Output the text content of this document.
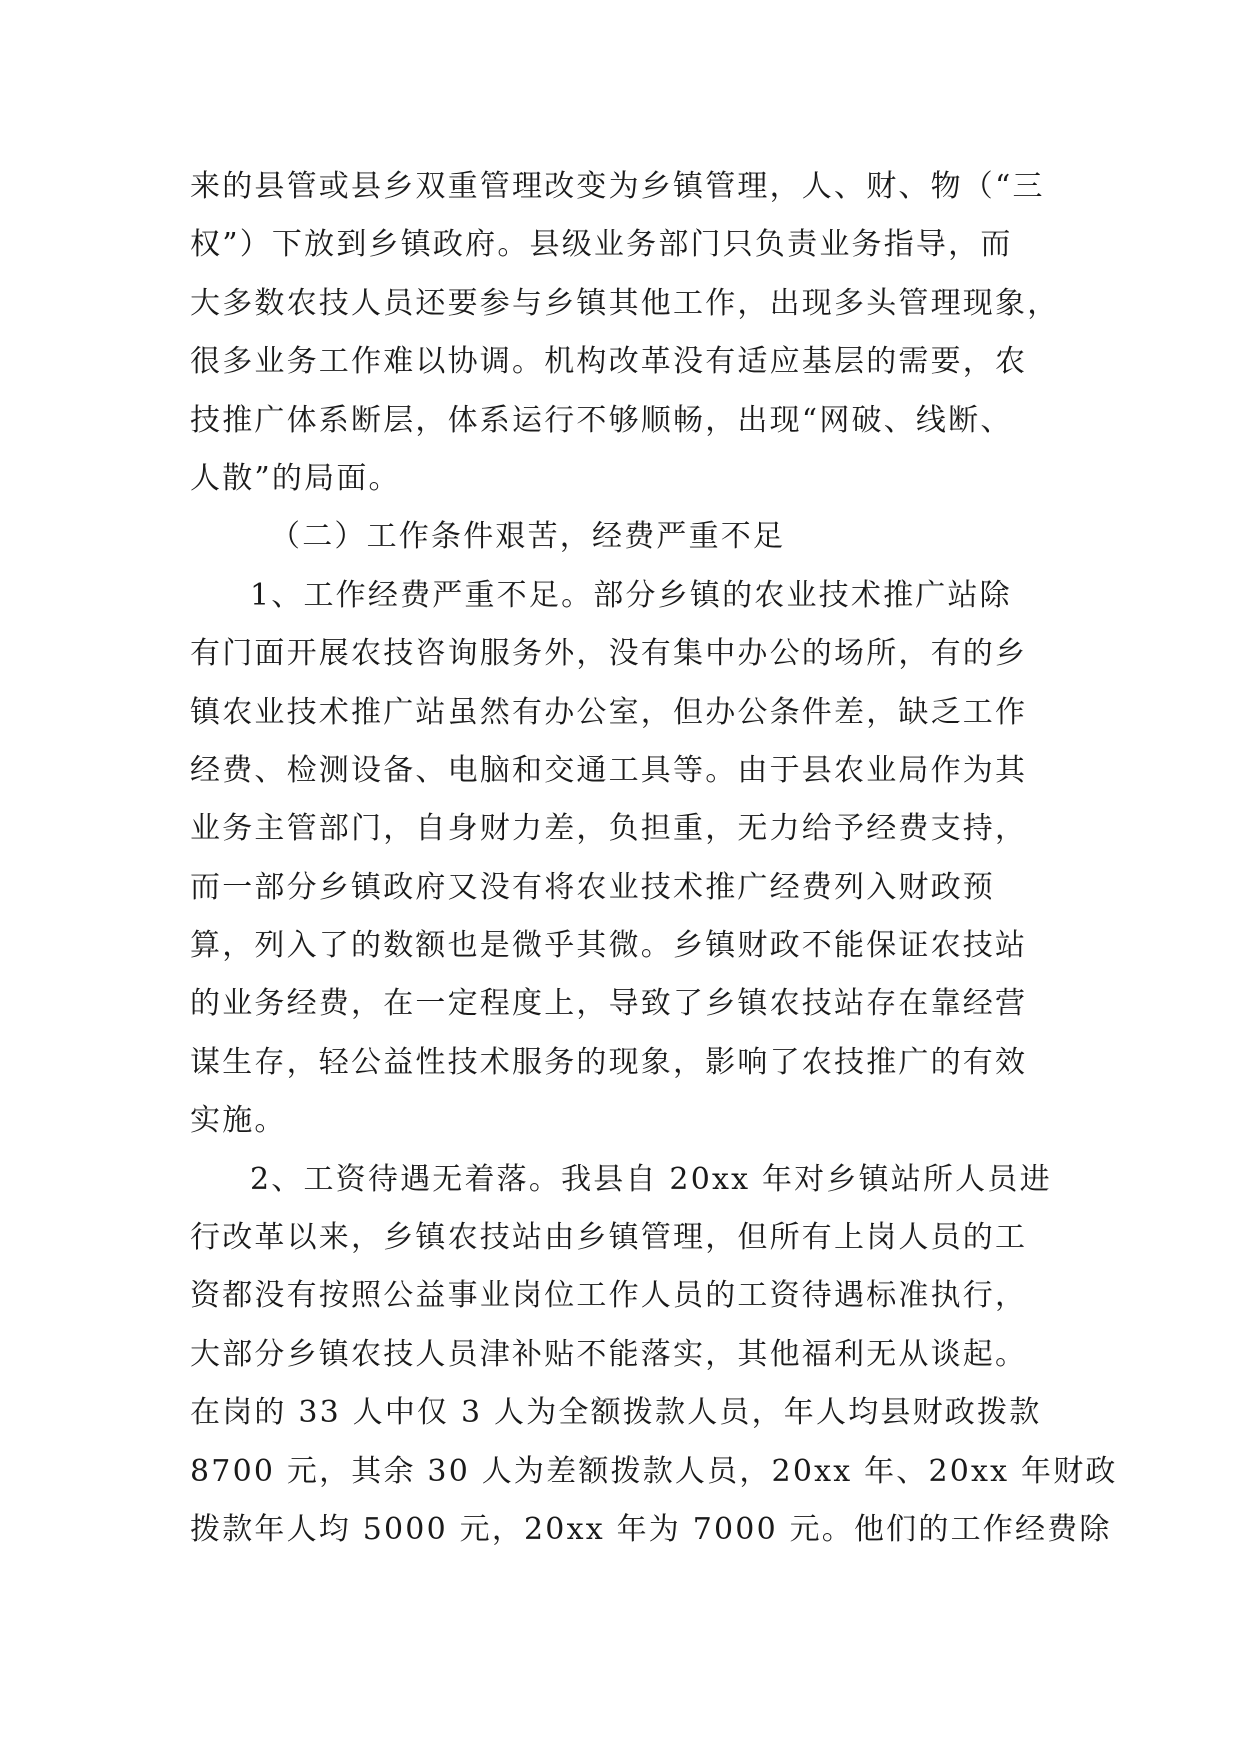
来的县管或县乡双重管理改变为乡镇管理，人、财、物（“三
权”）下放到乡镇政府。县级业务部门只负责业务指导，而
大多数农技人员还要参与乡镇其他工作，出现多头管理现象，
很多业务工作难以协调。机构改革没有适应基层的需要，农
技推广体系断层，体系运行不够顺畅，出现“网破、线断、
人散”的局面。
（二）工作条件艰苦，经费严重不足
1、工作经费严重不足。部分乡镇的农业技术推广站除
有门面开展农技咨询服务外，没有集中办公的场所，有的乡
镇农业技术推广站虽然有办公室，但办公条件差，缺乏工作
经费、检测设备、电脑和交通工具等。由于县农业局作为其
业务主管部门，自身财力差，负担重，无力给予经费支持，
而一部分乡镇政府又没有将农业技术推广经费列入财政预
算，列入了的数额也是微乎其微。乡镇财政不能保证农技站
的业务经费，在一定程度上，导致了乡镇农技站存在靠经营
谋生存，轻公益性技术服务的现象，影响了农技推广的有效
实施。
2、工资待遇无着落。我县自 20xx 年对乡镇站所人员进
行改革以来，乡镇农技站由乡镇管理，但所有上岗人员的工
资都没有按照公益事业岗位工作人员的工资待遇标准执行，
大部分乡镇农技人员津补贴不能落实，其他福利无从谈起。
在岗的 33 人中仅 3 人为全额拨款人员，年人均县财政拨款
8700 元，其余 30 人为差额拨款人员，20xx 年、20xx 年财政
拨款年人均 5000 元，20xx 年为 7000 元。他们的工作经费除
